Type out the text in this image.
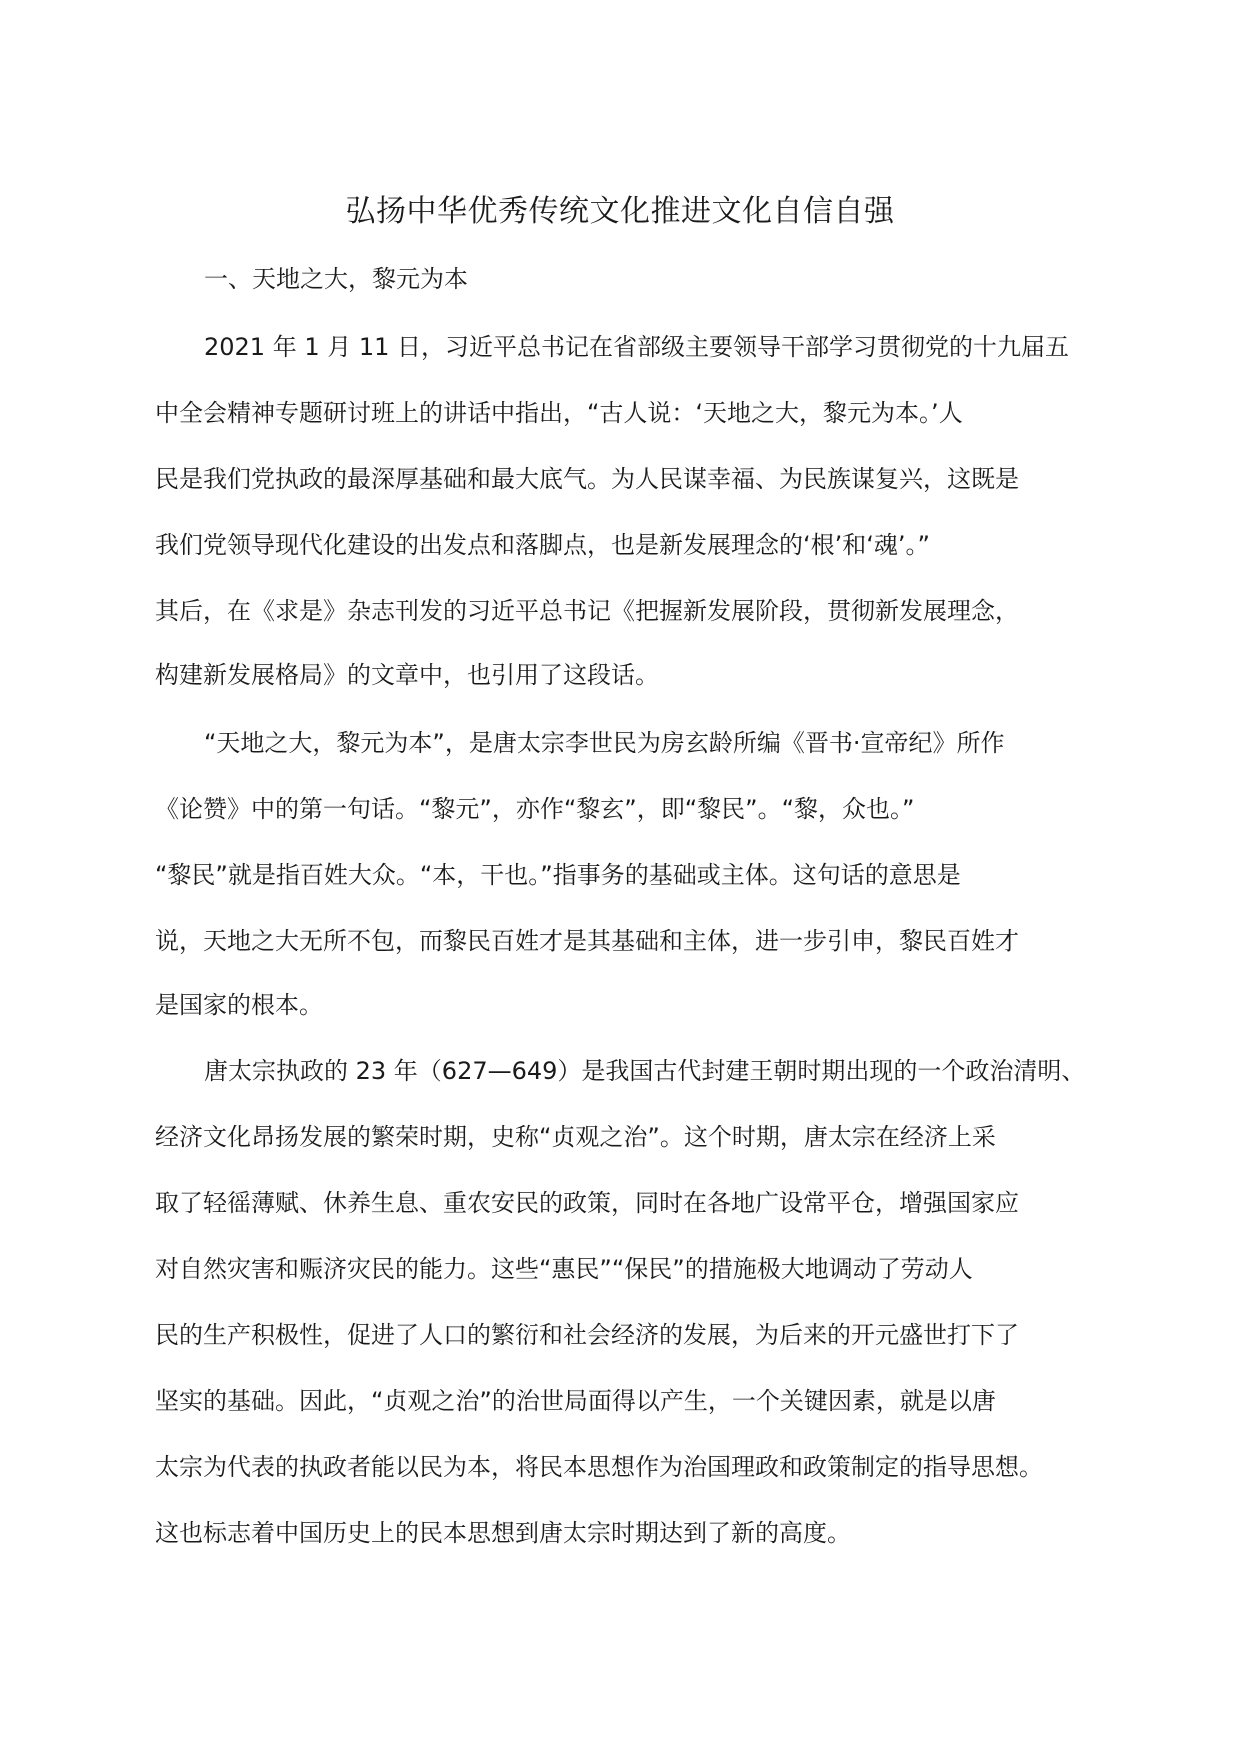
弘扬中华优秀传统文化推进文化自信自强

一、天地之大，黎元为本

2021 年 1 月 11 日，习近平总书记在省部级主要领导干部学习贯彻党的十九届五

中全会精神专题研讨班上的讲话中指出，“古人说：‘天地之大，黎元为本。’人

民是我们党执政的最深厚基础和最大底气。为人民谋幸福、为民族谋复兴，这既是

我们党领导现代化建设的出发点和落脚点，也是新发展理念的‘根’和‘魂’。”

其后，在《求是》杂志刊发的习近平总书记《把握新发展阶段，贯彻新发展理念，

构建新发展格局》的文章中，也引用了这段话。

“天地之大，黎元为本”，是唐太宗李世民为房玄龄所编《晋书·宣帝纪》所作

《论赞》中的第一句话。“黎元”，亦作“黎玄”，即“黎民”。“黎，众也。”

“黎民”就是指百姓大众。“本，干也。”指事务的基础或主体。这句话的意思是

说，天地之大无所不包，而黎民百姓才是其基础和主体，进一步引申，黎民百姓才

是国家的根本。

唐太宗执政的 23 年（627—649）是我国古代封建王朝时期出现的一个政治清明、

经济文化昂扬发展的繁荣时期，史称“贞观之治”。这个时期，唐太宗在经济上采

取了轻徭薄赋、休养生息、重农安民的政策，同时在各地广设常平仓，增强国家应

对自然灾害和赈济灾民的能力。这些“惠民”“保民”的措施极大地调动了劳动人

民的生产积极性，促进了人口的繁衍和社会经济的发展，为后来的开元盛世打下了

坚实的基础。因此，“贞观之治”的治世局面得以产生，一个关键因素，就是以唐

太宗为代表的执政者能以民为本，将民本思想作为治国理政和政策制定的指导思想。

这也标志着中国历史上的民本思想到唐太宗时期达到了新的高度。
